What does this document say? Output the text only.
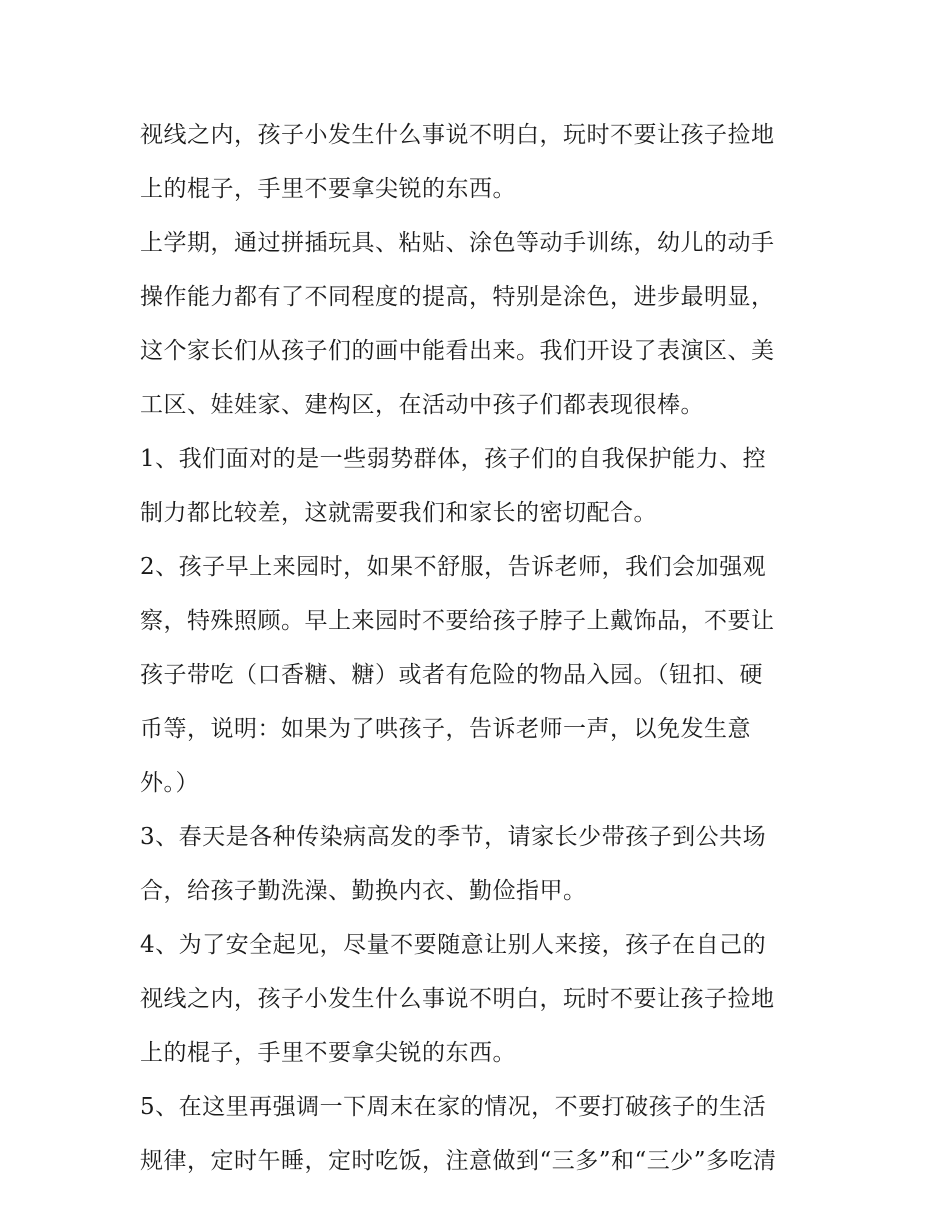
视线之内，孩子小发生什么事说不明白，玩时不要让孩子捡地
上的棍子，手里不要拿尖锐的东西。
上学期，通过拼插玩具、粘贴、涂色等动手训练，幼儿的动手
操作能力都有了不同程度的提高，特别是涂色，进步最明显，
这个家长们从孩子们的画中能看出来。我们开设了表演区、美
工区、娃娃家、建构区，在活动中孩子们都表现很棒。
1、我们面对的是一些弱势群体，孩子们的自我保护能力、控
制力都比较差，这就需要我们和家长的密切配合。
2、孩子早上来园时，如果不舒服，告诉老师，我们会加强观
察，特殊照顾。早上来园时不要给孩子脖子上戴饰品，不要让
孩子带吃（口香糖、糖）或者有危险的物品入园。（钮扣、硬
币等，说明：如果为了哄孩子，告诉老师一声，以免发生意
外。）
3、春天是各种传染病高发的季节，请家长少带孩子到公共场
合，给孩子勤洗澡、勤换内衣、勤俭指甲。
4、为了安全起见，尽量不要随意让别人来接，孩子在自己的
视线之内，孩子小发生什么事说不明白，玩时不要让孩子捡地
上的棍子，手里不要拿尖锐的东西。
5、在这里再强调一下周末在家的情况，不要打破孩子的生活
规律，定时午睡，定时吃饭，注意做到“三多”和“三少”多吃清
